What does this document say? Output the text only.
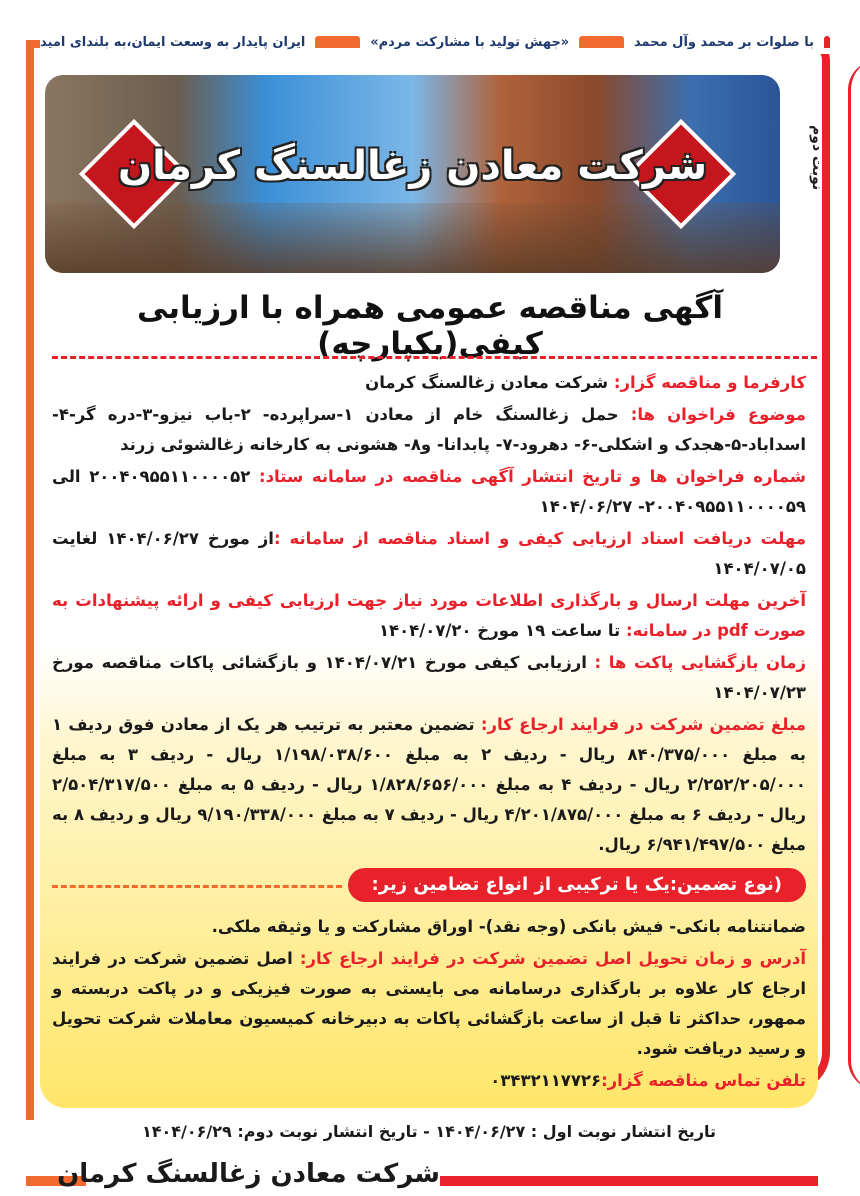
با صلوات بر محمد وآل محمد
«جهش تولید با مشارکت مردم»
ایران پایدار به وسعت ایمان،به بلندای امید
نوبت دوم
شرکت معادن زغالسنگ کرمان
آگهی مناقصه عمومی همراه با ارزیابی کیفی(یکپارچه)

کارفرما و مناقصه گزار: شرکت معادن زغالسنگ کرمان

موضوع فراخوان ها: حمل زغالسنگ خام از معادن ۱-سراپرده- ۲-باب نیزو-۳-دره گر-۴- اسداباد-۵-هجدک و اشکلی-۶- دهرود-۷- پابدانا- و۸- هشونی به کارخانه زغالشوئی زرند

شماره فراخوان ها و تاریخ انتشار آگهی مناقصه در سامانه ستاد: ۲۰۰۴۰۹۵۵۱۱۰۰۰۰۵۲ الی ۲۰۰۴۰۹۵۵۱۱۰۰۰۰۵۹- ۱۴۰۴/۰۶/۲۷

مهلت دریافت اسناد ارزیابی کیفی و اسناد مناقصه از سامانه :از مورخ ۱۴۰۴/۰۶/۲۷ لغایت ۱۴۰۴/۰۷/۰۵

آخرین مهلت ارسال و بارگذاری اطلاعات مورد نیاز جهت ارزیابی کیفی و ارائه پیشنهادات به صورت pdf در سامانه: تا ساعت ۱۹ مورخ ۱۴۰۴/۰۷/۲۰

زمان بازگشایی پاکت ها : ارزیابی کیفی مورخ ۱۴۰۴/۰۷/۲۱ و بازگشائی پاکات مناقصه مورخ ۱۴۰۴/۰۷/۲۳

مبلغ تضمین شرکت در فرایند ارجاع کار: تضمین معتبر به ترتیب هر یک از معادن فوق ردیف ۱ به مبلغ ۸۴۰/۳۷۵/۰۰۰ ریال - ردیف ۲ به مبلغ ۱/۱۹۸/۰۳۸/۶۰۰ ریال - ردیف ۳ به مبلغ ۲/۲۵۲/۲۰۵/۰۰۰ ریال - ردیف ۴ به مبلغ ۱/۸۲۸/۶۵۶/۰۰۰ ریال - ردیف ۵ به مبلغ ۲/۵۰۴/۳۱۷/۵۰۰ ریال - ردیف ۶ به مبلغ ۴/۲۰۱/۸۷۵/۰۰۰ ریال - ردیف ۷ به مبلغ ۹/۱۹۰/۳۳۸/۰۰۰ ریال و ردیف ۸ به مبلغ ۶/۹۴۱/۴۹۷/۵۰۰ ریال.

(نوع تضمین:یک یا ترکیبی از انواع تضامین زیر:

ضمانتنامه بانکی- فیش بانکی (وجه نقد)- اوراق مشارکت و یا وثیقه ملکی.

آدرس و زمان تحویل اصل تضمین شرکت در فرایند ارجاع کار: اصل تضمین شرکت در فرایند ارجاع کار علاوه بر بارگذاری درسامانه می بایستی به صورت فیزیکی و در پاکت دربسته و ممهور، حداکثر تا قبل از ساعت بازگشائی پاکات به دبیرخانه کمیسیون معاملات شرکت تحویل و رسید دریافت شود.

تلفن تماس مناقصه گزار:۰۳۴۳۲۱۱۷۷۲۶

تاریخ انتشار نوبت اول : ۱۴۰۴/۰۶/۲۷ - تاریخ انتشار نوبت دوم: ۱۴۰۴/۰۶/۲۹
شرکت معادن زغالسنگ کرمان
